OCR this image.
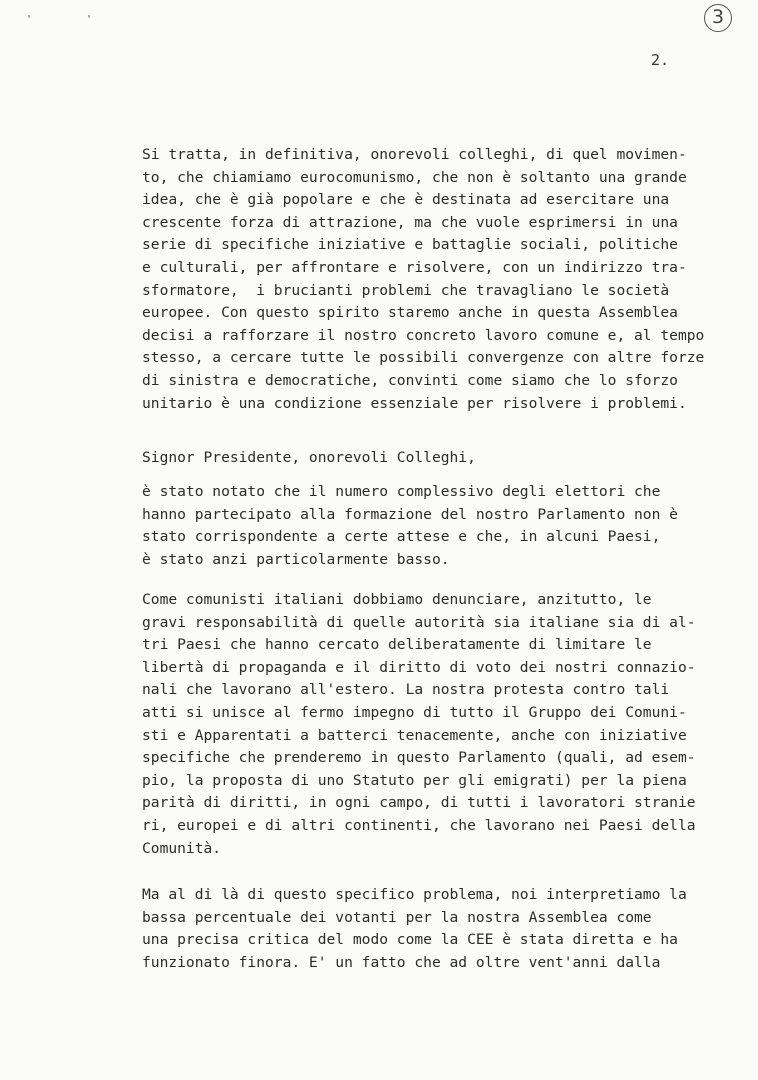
' '	3
2.
Si tratta, in definitiva, onorevoli colleghi, di quel movimen-
to, che chiamiamo eurocomunismo, che non è soltanto una grande
idea, che è già popolare e che è destinata ad esercitare una
crescente forza di attrazione, ma che vuole esprimersi in una
serie di specifiche iniziative e battaglie sociali, politiche
e culturali, per affrontare e risolvere, con un indirizzo tra-
sformatore,  i brucianti problemi che travagliano le società
europee. Con questo spirito staremo anche in questa Assemblea
decisi a rafforzare il nostro concreto lavoro comune e, al tempo
stesso, a cercare tutte le possibili convergenze con altre forze
di sinistra e democratiche, convinti come siamo che lo sforzo
unitario è una condizione essenziale per risolvere i problemi.
Signor Presidente, onorevoli Colleghi,
è stato notato che il numero complessivo degli elettori che
hanno partecipato alla formazione del nostro Parlamento non è
stato corrispondente a certe attese e che, in alcuni Paesi,
è stato anzi particolarmente basso.
Come comunisti italiani dobbiamo denunciare, anzitutto, le
gravi responsabilità di quelle autorità sia italiane sia di al-
tri Paesi che hanno cercato deliberatamente di limitare le
libertà di propaganda e il diritto di voto dei nostri connazio-
nali che lavorano all'estero. La nostra protesta contro tali
atti si unisce al fermo impegno di tutto il Gruppo dei Comuni-
sti e Apparentati a batterci tenacemente, anche con iniziative
specifiche che prenderemo in questo Parlamento (quali, ad esem-
pio, la proposta di uno Statuto per gli emigrati) per la piena
parità di diritti, in ogni campo, di tutti i lavoratori stranie
ri, europei e di altri continenti, che lavorano nei Paesi della
Comunità.
Ma al di là di questo specifico problema, noi interpretiamo la
bassa percentuale dei votanti per la nostra Assemblea come
una precisa critica del modo come la CEE è stata diretta e ha
funzionato finora. E' un fatto che ad oltre vent'anni dalla
